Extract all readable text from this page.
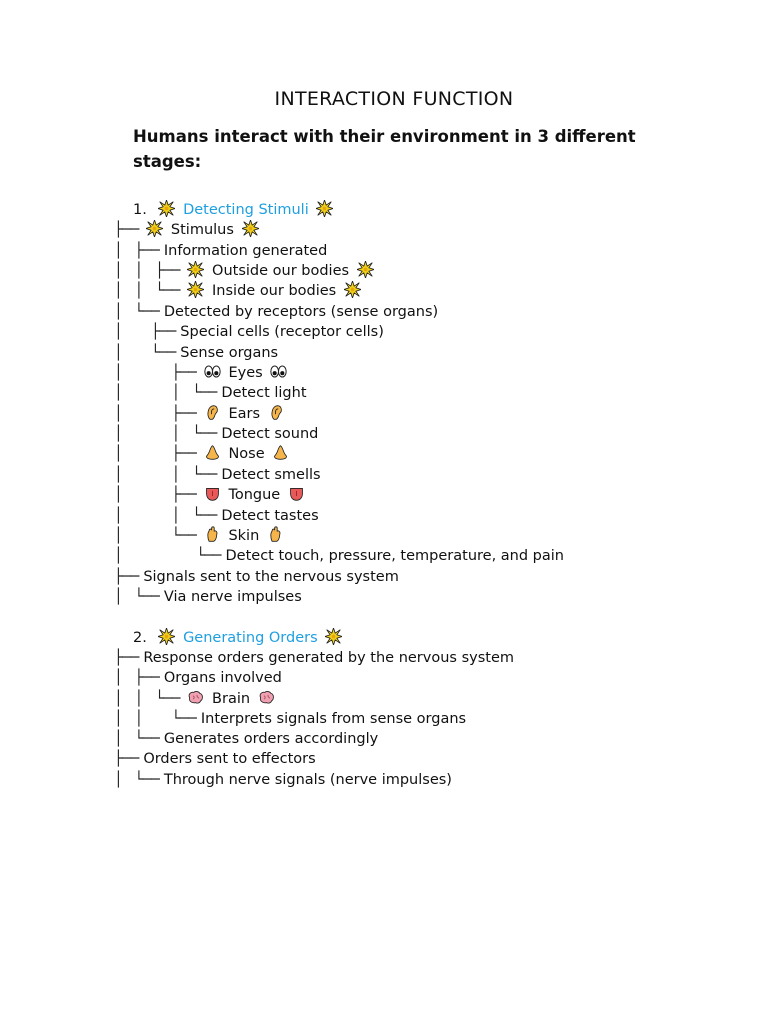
INTERACTION FUNCTION
Humans interact with their environment in 3 different
stages:
1. Detecting Stimuli
├── Stimulus
│   ├── Information generated
│   │   ├── Outside our bodies
│   │   └── Inside our bodies
│   └── Detected by receptors (sense organs)
│       ├── Special cells (receptor cells)
│       └── Sense organs
│            ├── Eyes
│            │   └── Detect light
│            ├── Ears
│            │   └── Detect sound
│            ├── Nose
│            │   └── Detect smells
│            ├── Tongue
│            │   └── Detect tastes
│            └── Skin
│                  └── Detect touch, pressure, temperature, and pain
├── Signals sent to the nervous system
│   └── Via nerve impulses
2. Generating Orders
├── Response orders generated by the nervous system
│   ├── Organs involved
│   │   └── Brain
│   │       └── Interprets signals from sense organs
│   └── Generates orders accordingly
├── Orders sent to effectors
│   └── Through nerve signals (nerve impulses)
